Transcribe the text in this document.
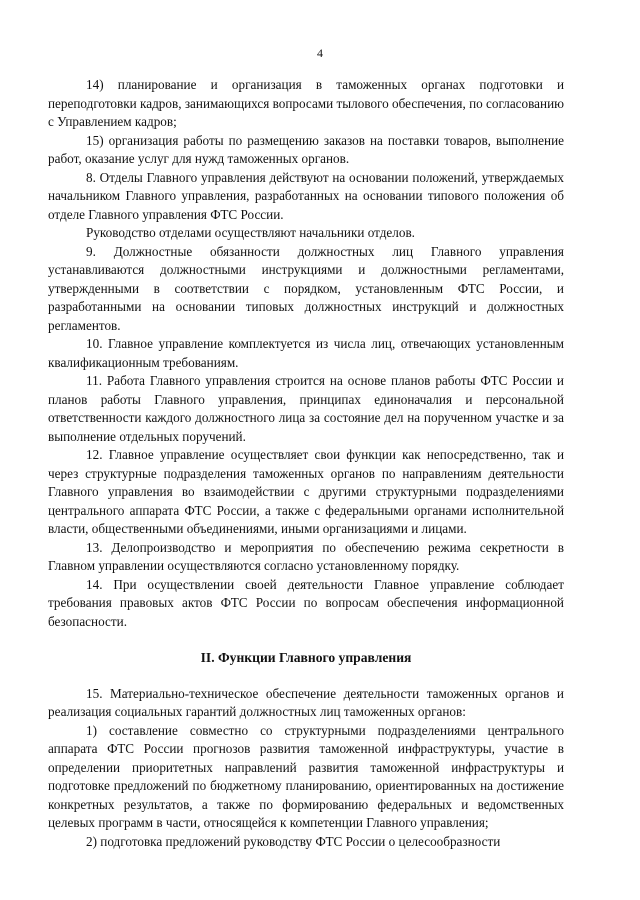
4

14) планирование и организация в таможенных органах подготовки и переподготовки кадров, занимающихся вопросами тылового обеспечения, по согласованию с Управлением кадров;

15) организация работы по размещению заказов на поставки товаров, выполнение работ, оказание услуг для нужд таможенных органов.

8. Отделы Главного управления действуют на основании положений, утверждаемых начальником Главного управления, разработанных на основании типового положения об отделе Главного управления ФТС России.

Руководство отделами осуществляют начальники отделов.

9. Должностные обязанности должностных лиц Главного управления устанавливаются должностными инструкциями и должностными регламентами, утвержденными в соответствии с порядком, установленным ФТС России, и разработанными на основании типовых должностных инструкций и должностных регламентов.

10. Главное управление комплектуется из числа лиц, отвечающих установленным квалификационным требованиям.

11. Работа Главного управления строится на основе планов работы ФТС России и планов работы Главного управления, принципах единоначалия и персональной ответственности каждого должностного лица за состояние дел на порученном участке и за выполнение отдельных поручений.

12. Главное управление осуществляет свои функции как непосредственно, так и через структурные подразделения таможенных органов по направлениям деятельности Главного управления во взаимодействии с другими структурными подразделениями центрального аппарата ФТС России, а также с федеральными органами исполнительной власти, общественными объединениями, иными организациями и лицами.

13. Делопроизводство и мероприятия по обеспечению режима секретности в Главном управлении осуществляются согласно установленному порядку.

14. При осуществлении своей деятельности Главное управление соблюдает требования правовых актов ФТС России по вопросам обеспечения информационной безопасности.

II. Функции Главного управления

15. Материально-техническое обеспечение деятельности таможенных органов и реализация социальных гарантий должностных лиц таможенных органов:

1) составление совместно со структурными подразделениями центрального аппарата ФТС России прогнозов развития таможенной инфраструктуры, участие в определении приоритетных направлений развития таможенной инфраструктуры и подготовке предложений по бюджетному планированию, ориентированных на достижение конкретных результатов, а также по формированию федеральных и ведомственных целевых программ в части, относящейся к компетенции Главного управления;

2) подготовка предложений руководству ФТС России о целесообразности
